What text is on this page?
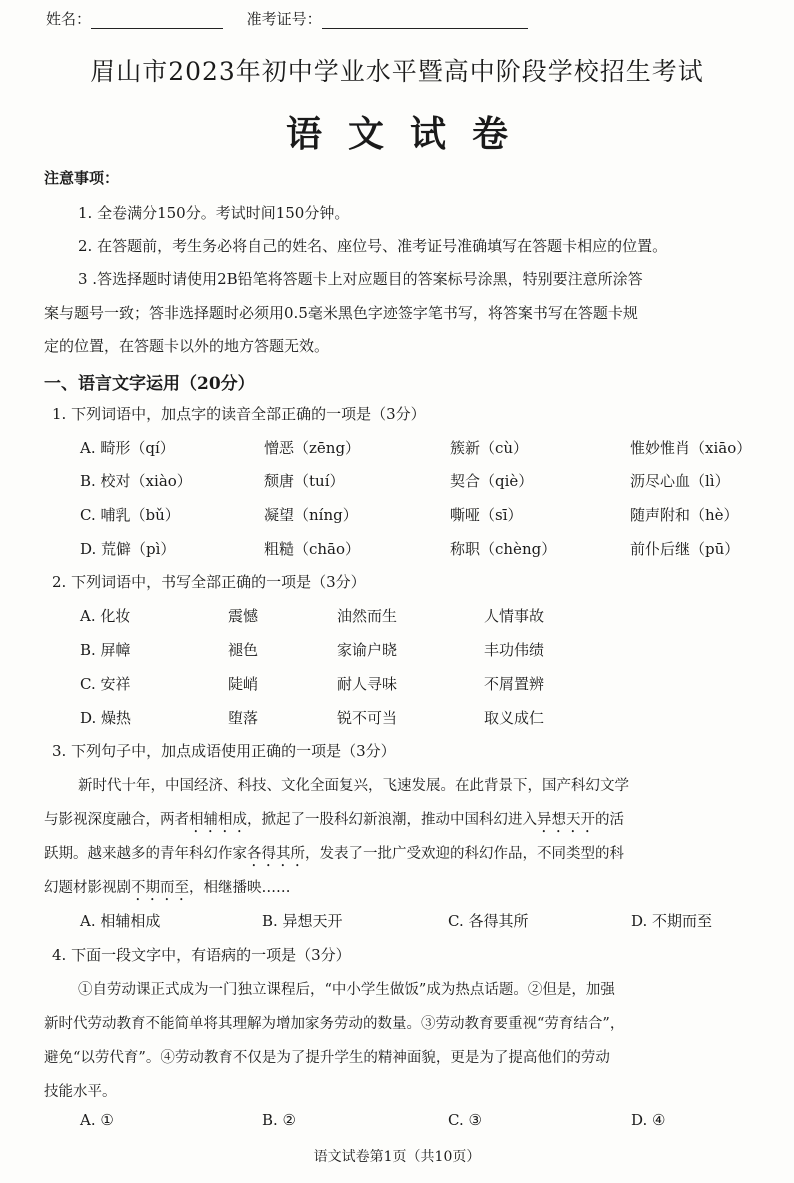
姓名：	准考证号：
眉山市2023年初中学业水平暨高中阶段学校招生考试
语文试卷
注意事项：
1. 全卷满分150分。考试时间150分钟。
2. 在答题前，考生务必将自己的姓名、座位号、准考证号准确填写在答题卡相应的位置。
3 .答选择题时请使用2B铅笔将答题卡上对应题目的答案标号涂黑，特别要注意所涂答
案与题号一致；答非选择题时必须用0.5毫米黑色字迹签字笔书写，将答案书写在答题卡规
定的位置，在答题卡以外的地方答题无效。
一、语言文字运用（20分）
1. 下列词语中，加点字的读音全部正确的一项是（3分）
A. 畸形（qí）	憎恶（zēng）	簇新（cù）	惟妙惟肖（xiāo）
B. 校对（xiào）	颓唐（tuí）	契合（qiè）	沥尽心血（lì）
C. 哺乳（bǔ）	凝望（níng）	嘶哑（sī）	随声附和（hè）
D. 荒僻（pì）	粗糙（chāo）	称职（chèng）	前仆后继（pū）
2. 下列词语中，书写全部正确的一项是（3分）
A. 化妆	震憾	油然而生	人情事故
B. 屏幛	褪色	家谕户晓	丰功伟绩
C. 安祥	陡峭	耐人寻味	不屑置辨
D. 燥热	堕落	锐不可当	取义成仁
3. 下列句子中，加点成语使用正确的一项是（3分）
新时代十年，中国经济、科技、文化全面复兴，飞速发展。在此背景下，国产科幻文学
与影视深度融合，两者相辅相成，掀起了一股科幻新浪潮，推动中国科幻进入异想天开的活
跃期。越来越多的青年科幻作家各得其所，发表了一批广受欢迎的科幻作品，不同类型的科
幻题材影视剧不期而至，相继播映……
A. 相辅相成	B. 异想天开	C. 各得其所	D. 不期而至
4. 下面一段文字中，有语病的一项是（3分）
①自劳动课正式成为一门独立课程后，“中小学生做饭”成为热点话题。②但是，加强
新时代劳动教育不能简单将其理解为增加家务劳动的数量。③劳动教育要重视“劳育结合”，
避免“以劳代育”。④劳动教育不仅是为了提升学生的精神面貌，更是为了提高他们的劳动
技能水平。
A. ①	B. ②	C. ③	D. ④
语文试卷第1页（共10页）
